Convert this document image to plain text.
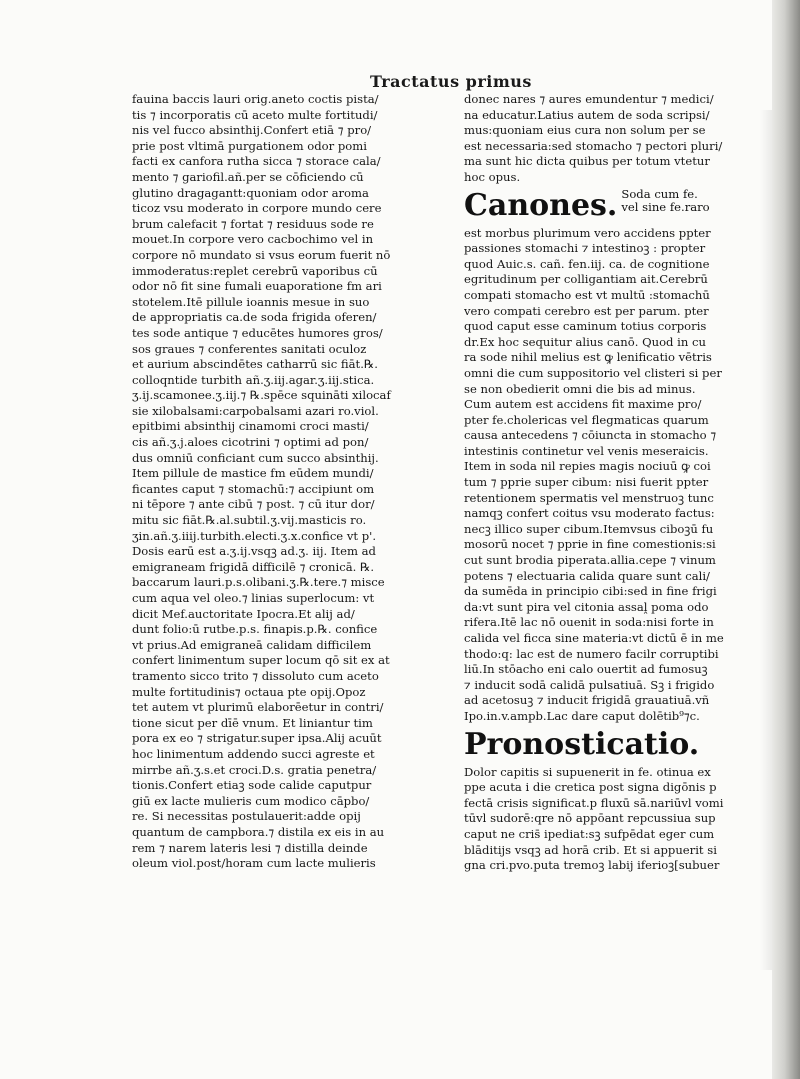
Tractatus primus
fauina baccis lauri orig.aneto coctis pista/
tis ⁊ incorporatis cū aceto multe fortitudi/
nis vel fucco absinthij.Confert etiā ⁊ pro/
prie post vltimā purgationem odor pomi
facti ex canfora rutha sicca ⁊ storace cala/
mento ⁊ gariofil.añ.per se cōficiendo cū
glutino dragagantt:quoniam odor aroma
ticoz vsu moderato in corpore mundo cere
brum calefacit ⁊ fortat ⁊ residuus sode re
mouet.In corpore vero cacbochimo vel in
corpore nō mundato si vsus eorum fuerit nō
immoderatus:replet cerebrū vaporibus cū
odor nō fit sine fumali euaporatione fm ari
stotelem.Itē pillule ioannis mesue in suo
de appropriatis ca.de soda frigida oferen/
tes sode antique ⁊ educētes humores gros/
sos graues ⁊ conferentes sanitati oculoz
et aurium abscindētes catharrū sic fiāt.℞.
colloqntide turbith añ.ʒ.iij.agar.ʒ.iij.stica.
ʒ.ij.scamonee.ʒ.iij.⁊ ℞.spēce squināti xilocaf
sie xilobalsami:carpobalsami azari ro.viol.
epitbimi absinthij cinamomi croci masti/
cis añ.ʒ.j.aloes cicotrini ⁊ optimi ad pon/
dus omniū conficiant cum succo absinthij.
Item pillule de mastice fm eūdem mundi/
ficantes caput ⁊ stomachū:⁊ accipiunt om
ni tēpore ⁊ ante cibū ⁊ post. ⁊ cū itur dor/
mitu sic fiāt.℞.al.subtil.ʒ.vij.masticis ro.
ʒin.añ.ʒ.iiij.turbith.electi.ʒ.x.confice vt p'.
Dosis earū est a.ʒ.ij.vsqꝫ ad.ʒ. iij. Item ad
emigraneam frigidā difficilē ⁊ cronicā. ℞.
baccarum lauri.p.s.olibani.ʒ.℞.tere.⁊ misce
cum aqua vel oleo.⁊ linias superlocum: vt
dicit Mef.auctoritate Ipocra.Et alij ad/
dunt folio:ū rutbe.p.s. finapis.p.℞. confice
vt prius.Ad emigraneā calidam difficilem
confert linimentum super locum qō sit ex at
tramento sicco trito ⁊ dissoluto cum aceto
multe fortitudinis⁊ octaua pte opij.Opoz
tet autem vt plurimū elaborēetur in contri/
tione sicut per dīē vnum. Et liniantur tim
pora ex eo ⁊ strigatur.super ipsa.Alij acuūt
hoc linimentum addendo succi agreste et
mirrbe añ.ʒ.s.et croci.D.s. gratia penetra/
tionis.Confert etiaꝫ sode calide caputpur
giū ex lacte mulieris cum modico cāpbo/
re. Si necessitas postulauerit:adde opij
quantum de campbora.⁊ distila ex eis in au
rem ⁊ narem lateris lesi ⁊ distilla deinde
oleum viol.post/horam cum lacte mulieris
donec nares ⁊ aures emundentur ⁊ medici/
na educatur.Latius autem de soda scripsi/
mus:quoniam eius cura non solum per se
est necessaria:sed stomacho ⁊ pectori pluri/
ma sunt hic dicta quibus per totum vtetur
hoc opus.
Canones. Soda cum fe.
vel sine fe.raro
est morbus plurimum vero accidens ppter
passiones stomachi ⁊ intestinoꝫ : propter
quod Auic.s. cañ. fen.iij. ca. de cognitione
egritudinum per colligantiam ait.Cerebrū
compati stomacho est vt multū :stomachū
vero compati cerebro est per parum. pter
quod caput esse caminum totius corporis
dr.Ex hoc sequitur alius canō. Quod in cu
ra sode nihil melius est ꝙ lenificatio vētris
omni die cum suppositorio vel clisteri si per
se non obedierit omni die bis ad minus.
Cum autem est accidens fit maxime pro/
pter fe.cholericas vel flegmaticas quarum
causa antecedens ⁊ cōiuncta in stomacho ⁊
intestinis continetur vel venis meseraicis.
Item in soda nil repies magis nociuū ꝙ coi
tum ⁊ pprie super cibum: nisi fuerit ppter
retentionem spermatis vel menstruoꝫ tunc
namqꝫ confert coitus vsu moderato factus:
necꝫ illico super cibum.Itemvsus ciboꝫū fu
mosorū nocet ⁊ pprie in fine comestionis:si
cut sunt brodia piperata.allia.cepe ⁊ vinum
potens ⁊ electuaria calida quare sunt cali/
da sumēda in principio cibi:sed in fine frigi
da:vt sunt pira vel citonia assaḽ poma odo
rifera.Itē lac nō ouenit in soda:nisi forte in
calida vel ficca sine materia:vt dictū ē in me
thodo:q: lac est de numero facilr corruptibi
liū.In stōacho eni calo ouertit ad fumosuꝫ
⁊ inducit sodā calidā pulsatiuā. Sꝫ i frigido
ad acetosuꝫ ⁊ inducit frigidā grauatiuā.vñ
Ipo.in.v.ampb.Lac dare caput dolētib⁹⁊c.
Pronosticatio.
Dolor capitis si supuenerit in fe. otinua ex
ppe acuta i die cretica post signa digōnis p
fectā crisis significat.p fluxū sā.nariūvl vomi
tūvl sudorē:qre nō appōant repcussiua sup
caput ne cris̄ ipediat:sꝫ sufpēdat eger cum
blāditijs vsqꝫ ad horā crib. Et si appuerit si
gna cri.pvo.puta tremoꝫ labij iferioꝫ[subuer
